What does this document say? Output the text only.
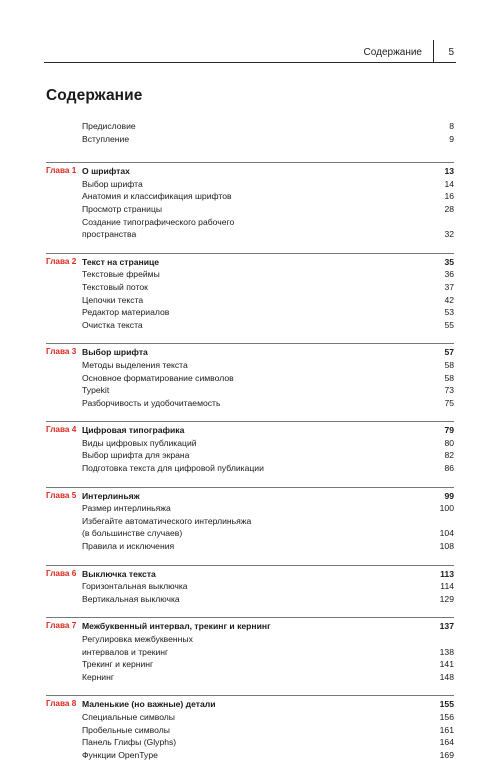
Содержание	5
Содержание
Предисловие	8
Вступление	9
Глава 1 О шрифтах	13
Выбор шрифта	14
Анатомия и классификация шрифтов	16
Просмотр страницы	28
Создание типографического рабочего
пространства	32
Глава 2 Текст на странице	35
Текстовые фреймы	36
Текстовый поток	37
Цепочки текста	42
Редактор материалов	53
Очистка текста	55
Глава 3 Выбор шрифта	57
Методы выделения текста	58
Основное форматирование символов	58
Typekit	73
Разборчивость и удобочитаемость	75
Глава 4 Цифровая типографика	79
Виды цифровых публикаций	80
Выбор шрифта для экрана	82
Подготовка текста для цифровой публикации	86
Глава 5 Интерлиньяж	99
Размер интерлиньяжа	100
Избегайте автоматического интерлиньяжа
(в большинстве случаев)	104
Правила и исключения	108
Глава 6 Выключка текста	113
Горизонтальная выключка	114
Вертикальная выключка	129
Глава 7 Межбуквенный интервал, трекинг и кернинг	137
Регулировка межбуквенных
интервалов и трекинг	138
Трекинг и кернинг	141
Кернинг	148
Глава 8 Маленькие (но важные) детали	155
Специальные символы	156
Пробельные символы	161
Панель Глифы (Glyphs)	164
Функции OpenType	169
